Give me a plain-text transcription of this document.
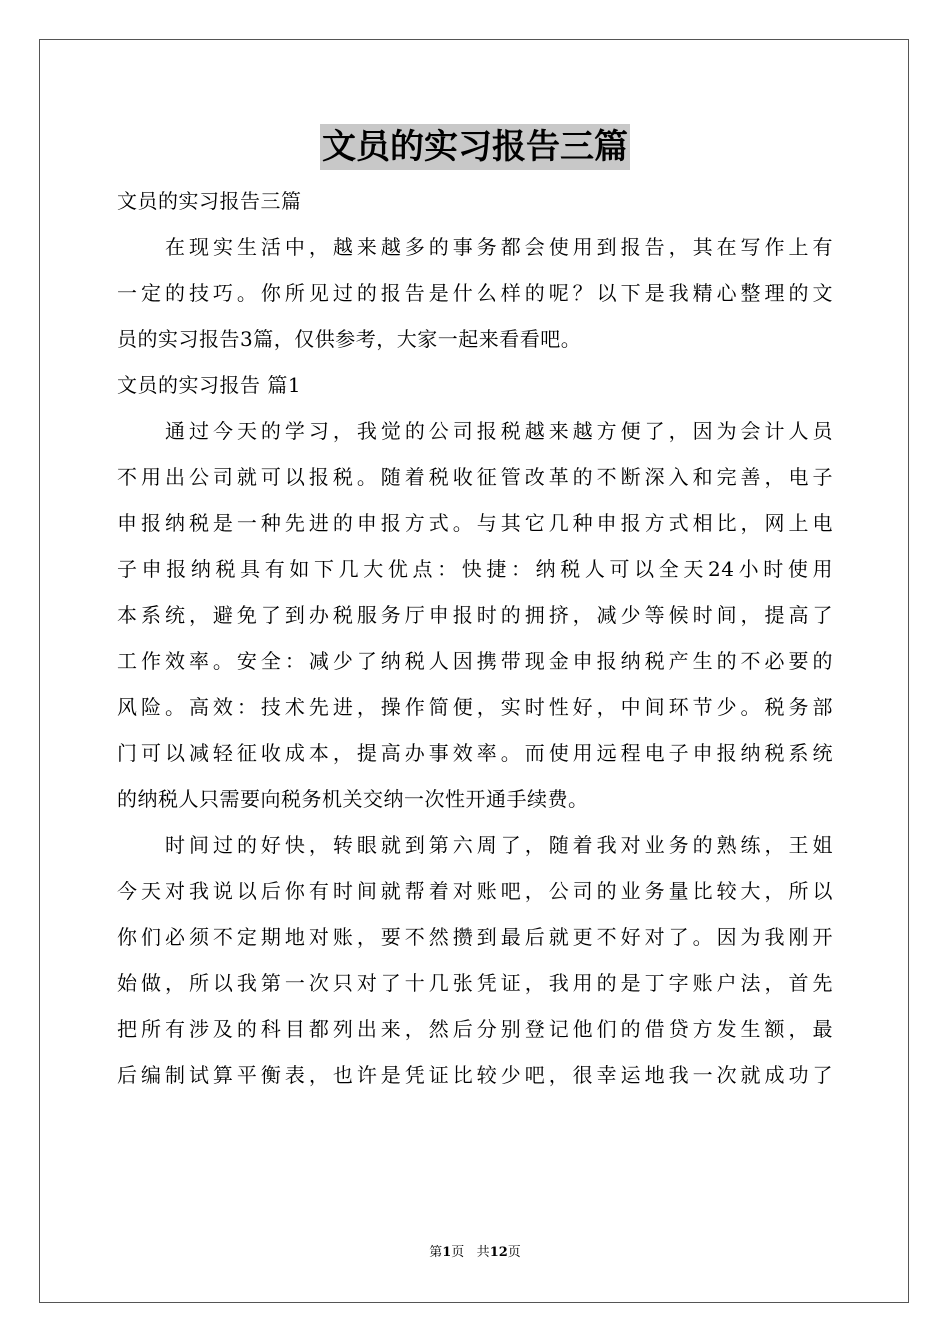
文员的实习报告三篇
文员的实习报告三篇
在现实生活中，越来越多的事务都会使用到报告，其在写作上有
一定的技巧。你所见过的报告是什么样的呢？以下是我精心整理的文
员的实习报告3篇，仅供参考，大家一起来看看吧。
文员的实习报告 篇1
通过今天的学习，我觉的公司报税越来越方便了，因为会计人员
不用出公司就可以报税。随着税收征管改革的不断深入和完善，电子
申报纳税是一种先进的申报方式。与其它几种申报方式相比，网上电
子申报纳税具有如下几大优点：快捷：纳税人可以全天24小时使用
本系统，避免了到办税服务厅申报时的拥挤，减少等候时间，提高了
工作效率。安全：减少了纳税人因携带现金申报纳税产生的不必要的
风险。高效：技术先进，操作简便，实时性好，中间环节少。税务部
门可以减轻征收成本，提高办事效率。而使用远程电子申报纳税系统
的纳税人只需要向税务机关交纳一次性开通手续费。
时间过的好快，转眼就到第六周了，随着我对业务的熟练，王姐
今天对我说以后你有时间就帮着对账吧，公司的业务量比较大，所以
你们必须不定期地对账，要不然攒到最后就更不好对了。因为我刚开
始做，所以我第一次只对了十几张凭证，我用的是丁字账户法，首先
把所有涉及的科目都列出来，然后分别登记他们的借贷方发生额，最
后编制试算平衡表，也许是凭证比较少吧，很幸运地我一次就成功了
第1页 共12页
